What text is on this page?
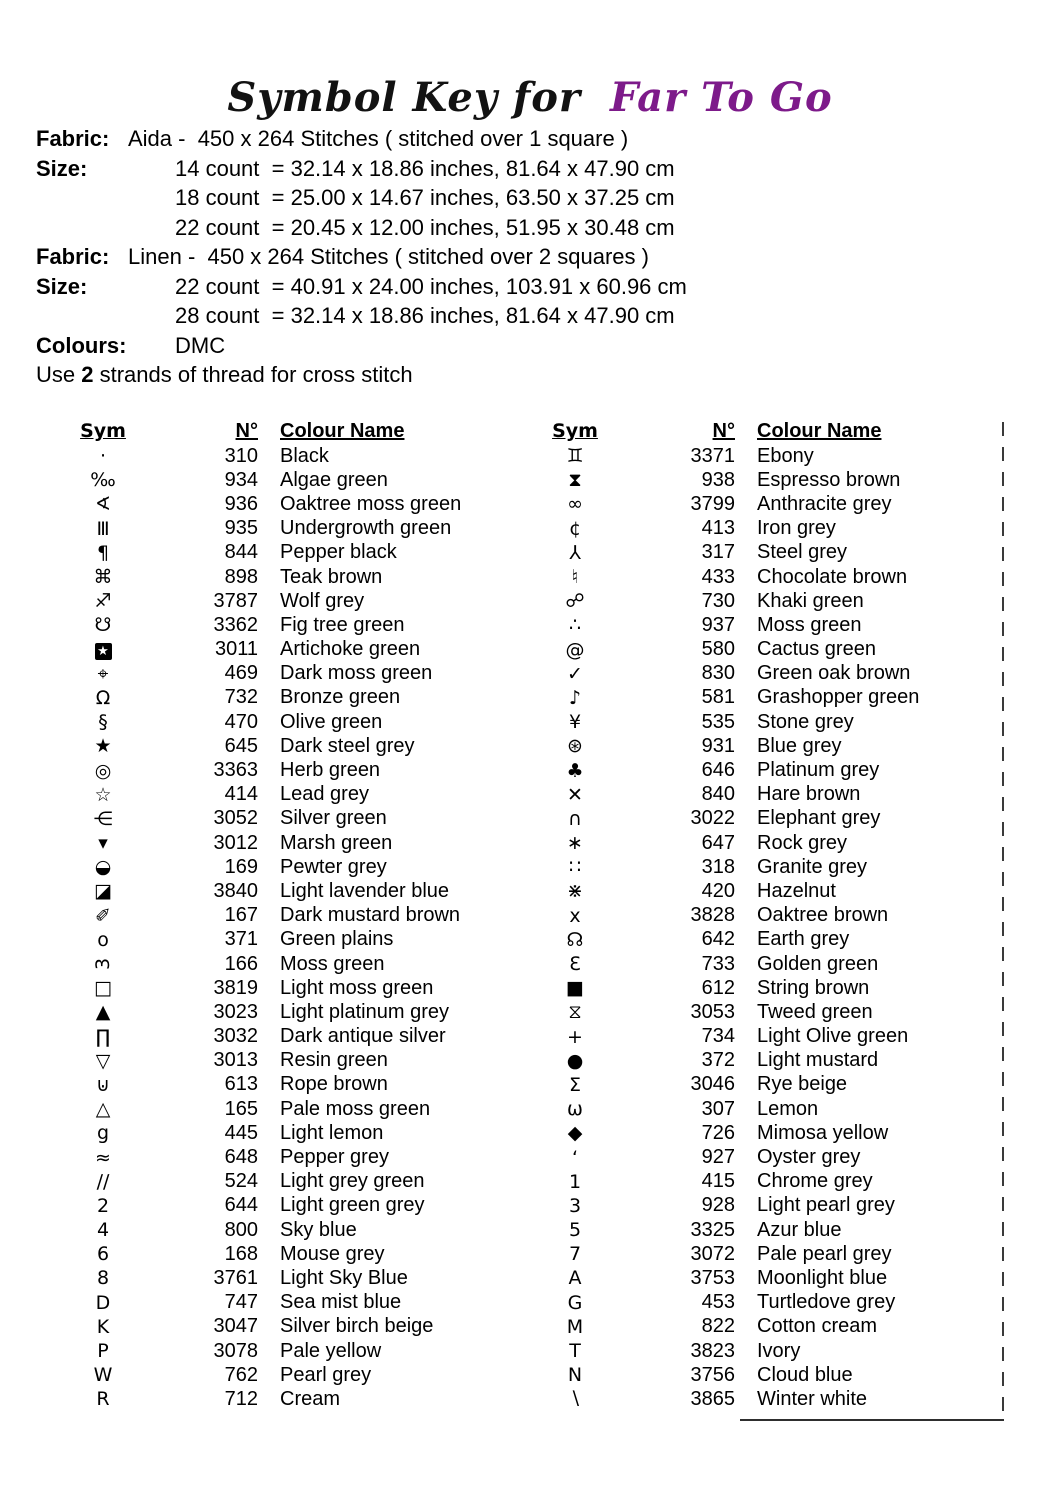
Symbol Key for Far To Go
Fabric: Aida -  450 x 264 Stitches ( stitched over 1 square )
Size:	14 count  = 32.14 x 18.86 inches, 81.64 x 47.90 cm
18 count  = 25.00 x 14.67 inches, 63.50 x 37.25 cm
22 count  = 20.45 x 12.00 inches, 51.95 x 30.48 cm
Fabric: Linen -  450 x 264 Stitches ( stitched over 2 squares )
Size:	22 count  = 40.91 x 24.00 inches, 103.91 x 60.96 cm
28 count  = 32.14 x 18.86 inches, 81.64 x 47.90 cm
Colours: DMC
Use 2 strands of thread for cross stitch
Sym	N° Colour Name
·	310 Black
‰	934 Algae green
∢	936 Oaktree moss green
Ⅲ	935 Undergrowth green
¶	844 Pepper black
⌘	898 Teak brown
♐	3787 Wolf grey
☋	3362 Fig tree green
★	3011 Artichoke green
⌖	469 Dark moss green
Ω	732 Bronze green
§	470 Olive green
★	645 Dark steel grey
◎	3363 Herb green
☆	414 Lead grey
⋲	3052 Silver green
▾	3012 Marsh green
◒	169 Pewter grey
◪	3840 Light lavender blue
✐	167 Dark mustard brown
o	371 Green plains
3	166 Moss green
□	3819 Light moss green
▲	3023 Light platinum grey
∏	3032 Dark antique silver
▽	3013 Resin green
⊍	613 Rope brown
△	165 Pale moss green
g	445 Light lemon
≈	648 Pepper grey
∕∕	524 Light grey green
2	644 Light green grey
4	800 Sky blue
6	168 Mouse grey
8	3761 Light Sky Blue
D	747 Sea mist blue
K	3047 Silver birch beige
P	3078 Pale yellow
W	762 Pearl grey
R	712 Cream
Sym	N° Colour Name
♊	3371 Ebony
⧗	938 Espresso brown
∞	3799 Anthracite grey
¢	413 Iron grey
⅄	317 Steel grey
♮	433 Chocolate brown
☍	730 Khaki green
∴	937 Moss green
@	580 Cactus green
✓	830 Green oak brown
♪	581 Grashopper green
¥	535 Stone grey
⊛	931 Blue grey
♣	646 Platinum grey
✕	840 Hare brown
∩	3022 Elephant grey
∗	647 Rock grey
∷	318 Granite grey
⋇	420 Hazelnut
x	3828 Oaktree brown
☊	642 Earth grey
Ɛ	733 Golden green
■	612 String brown
⧖	3053 Tweed green
+	734 Light Olive green
●	372 Light mustard
Σ	3046 Rye beige
ω	307 Lemon
◆	726 Mimosa yellow
‘	927 Oyster grey
1	415 Chrome grey
3	928 Light pearl grey
5	3325 Azur blue
7	3072 Pale pearl grey
A	3753 Moonlight blue
G	453 Turtledove grey
M	822 Cotton cream
T	3823 Ivory
N	3756 Cloud blue
∖	3865 Winter white
